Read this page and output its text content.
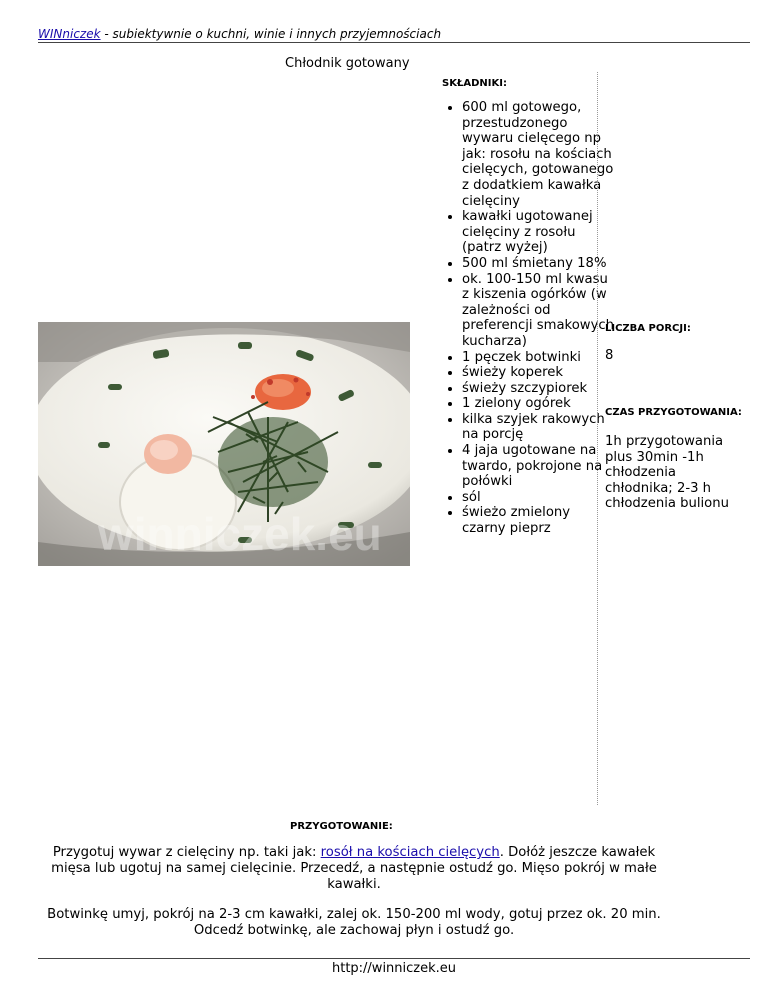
WINniczek - subiektywnie o kuchni, winie i innych przyjemnościach
Chłodnik gotowany
SKŁADNIKI:
winniczek.eu
• 600 ml gotowego, przestudzonego wywaru cielęcego np jak: rosołu na kościach cielęcych, gotowanego z dodatkiem kawałka cielęciny
• kawałki ugotowanej cielęciny z rosołu (patrz wyżej)
• 500 ml śmietany 18%
• ok. 100-150 ml kwasu z kiszenia ogórków (w zależności od preferencji smakowych kucharza)
• 1 pęczek botwinki
• świeży koperek
• świeży szczypiorek
• 1 zielony ogórek
• kilka szyjek rakowych na porcję
• 4 jaja ugotowane na twardo, pokrojone na połówki
• sól
• świeżo zmielony czarny pieprz
LICZBA PORCJI:
8
CZAS PRZYGOTOWANIA:
1h przygotowania plus 30min -1h chłodzenia chłodnika; 2-3 h chłodzenia bulionu
PRZYGOTOWANIE:

Przygotuj wywar z cielęciny np. taki jak: rosół na kościach cielęcych. Dołóż jeszcze kawałek mięsa lub ugotuj na samej cielęcinie. Przecedź, a następnie ostudź go. Mięso pokrój w małe kawałki.

Botwinkę umyj, pokrój na 2-3 cm kawałki, zalej ok. 150-200 ml wody, gotuj przez ok. 20 min. Odcedź botwinkę, ale zachowaj płyn i ostudź go.

http://winniczek.eu
